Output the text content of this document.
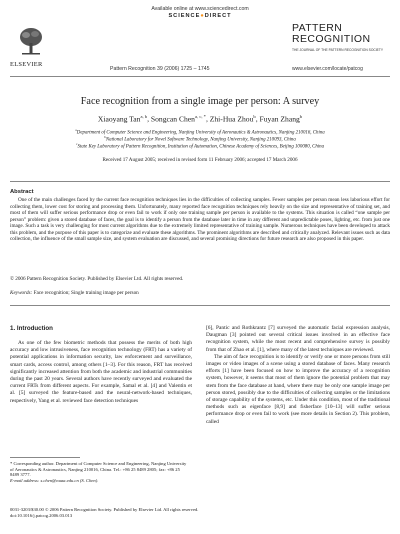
Available online at www.sciencedirect.com
SCIENCE●DIRECT
ELSEVIER
Pattern Recognition 39 (2006) 1725 – 1745
PATTERN
RECOGNITION
THE JOURNAL OF THE PATTERN RECOGNITION SOCIETY
www.elsevier.com/locate/patcog
Face recognition from a single image per person: A survey
Xiaoyang Tan$^{a, b}$, Songcan Chen$^{a, c, *}$, Zhi-Hua Zhou$^b$, Fuyan Zhang$^b$
$^a$Department of Computer Science and Engineering, Nanjing University of Aeronautics & Astronautics, Nanjing 210016, China
$^b$National Laboratory for Novel Software Technology, Nanjing University, Nanjing 210093, China
$^c$State Key Laboratory of Pattern Recognition, Institution of Automation, Chinese Academy of Sciences, Beijing 100080, China
Received 17 August 2005; received in revised form 11 February 2006; accepted 17 March 2006
Abstract

One of the main challenges faced by the current face recognition techniques lies in the difficulties of collecting samples. Fewer samples per person mean less laborious effort for collecting them, lower cost for storing and processing them. Unfortunately, many reported face recognition techniques rely heavily on the size and representative of training set, and most of them will suffer serious performance drop or even fail to work if only one training sample per person is available to the systems. This situation is called “one sample per person” problem: given a stored database of faces, the goal is to identify a person from the database later in time in any different and unpredictable poses, lighting, etc. from just one image. Such a task is very challenging for most current algorithms due to the extremely limited representative of training sample. Numerous techniques have been developed to attack this problem, and the purpose of this paper is to categorize and evaluate these algorithms. The prominent algorithms are described and critically analyzed. Relevant issues such as data collection, the influence of the small sample size, and system evaluation are discussed, and several promising directions for future research are also proposed in this paper.

© 2006 Pattern Recognition Society. Published by Elsevier Ltd. All rights reserved.
Keywords: Face recognition; Single training image per person
1. Introduction

As one of the few biometric methods that possess the merits of both high accuracy and low intrusiveness, face recognition technology (FRT) has a variety of potential applications in information security, law enforcement and surveillance, smart cards, access control, among others [1–3]. For this reason, FRT has received significantly increased attention from both the academic and industrial communities during the past 20 years. Several authors have recently surveyed and evaluated the current FRTs from different aspects. For example, Samal et al. [4] and Valentin et al. [5] surveyed the feature-based and the neural-network-based techniques, respectively, Yang et al. reviewed face detection techniques

[6], Pantic and Rothkrantz [7] surveyed the automatic facial expression analysis, Daugman [3] pointed out several critical issues involved in an effective face recognition system, while the most recent and comprehensive survey is possibly from that of Zhao et al. [1], where many of the latest techniques are reviewed.

The aim of face recognition is to identify or verify one or more persons from still images or video images of a scene using a stored database of faces. Many research efforts [1] have been focused on how to improve the accuracy of a recognition system, however, it seems that most of them ignore the potential problem that may stem from the face database at hand, where there may be only one sample image per person stored, possibly due to the difficulties of collecting samples or the limitations of storage capability of the systems, etc. Under this condition, most of the traditional methods such as eigenface [8,9] and fisherface [10–13] will suffer serious performance drop or even fail to work (see more details in Section 2). This problem, called

* Corresponding author. Department of Computer Science and Engineering, Nanjing University of Aeronautics & Astronautics, Nanjing 210016, China. Tel.: +86 25 8489 2805; fax: +86 25 8489 3777.
E-mail address: s.chen@nuaa.edu.cn (S. Chen).
0031-3203/$30.00 © 2006 Pattern Recognition Society. Published by Elsevier Ltd. All rights reserved.
doi:10.1016/j.patcog.2006.03.013
